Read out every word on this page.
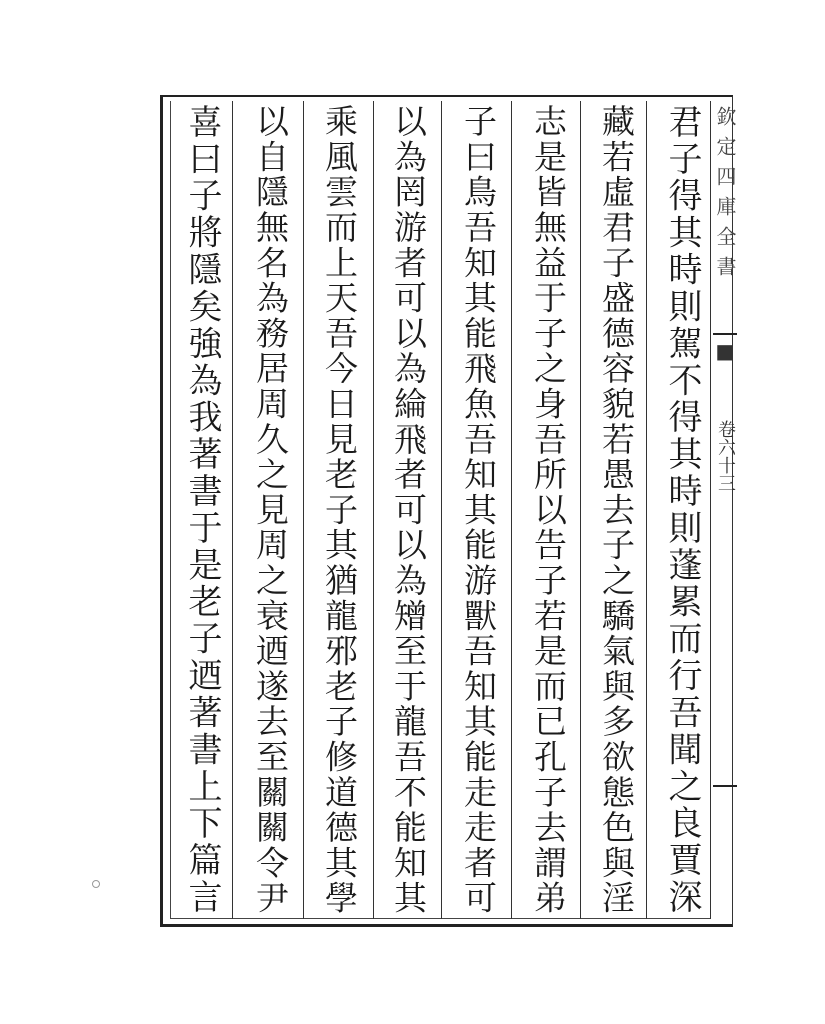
君子得其時則駕不得其時則蓬累而行吾聞之良賈深
藏若虛君子盛德容貌若愚去子之驕氣與多欲態色與淫
志是皆無益于子之身吾所以告子若是而已孔子去謂弟
子曰鳥吾知其能飛魚吾知其能游獸吾知其能走走者可
以為罔游者可以為綸飛者可以為矰至于龍吾不能知其
乘風雲而上天吾今日見老子其猶龍邪老子修道德其學
以自隱無名為務居周久之見周之衰迺遂去至關關令尹
喜曰子將隱矣強為我著書于是老子迺著書上下篇言	欽定四庫全書
■
卷六十三
